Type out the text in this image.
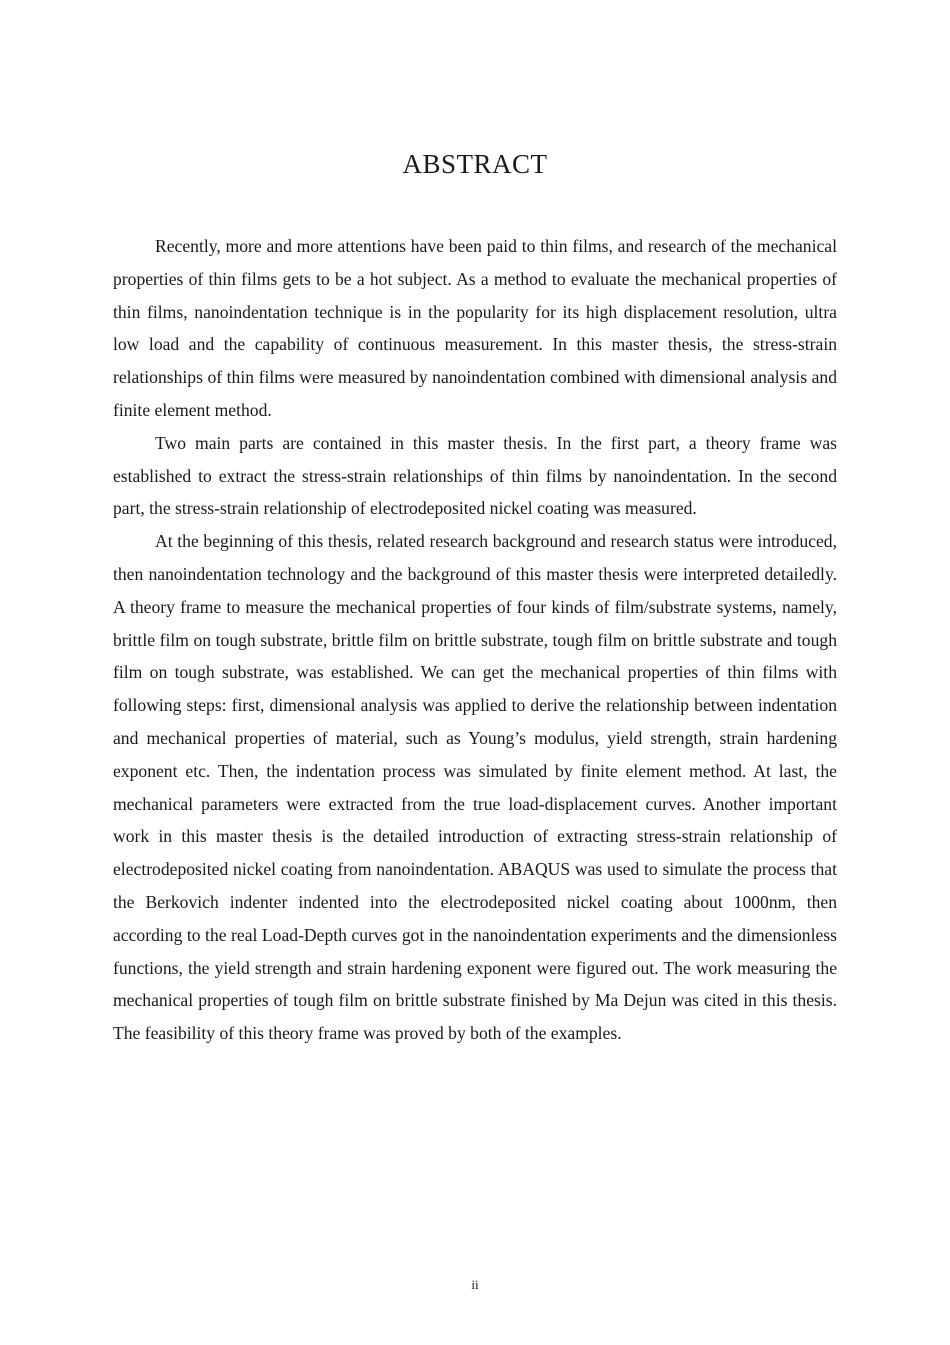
ABSTRACT

Recently, more and more attentions have been paid to thin films, and research of the mechanical properties of thin films gets to be a hot subject. As a method to evaluate the mechanical properties of thin films, nanoindentation technique is in the popularity for its high displacement resolution, ultra low load and the capability of continuous measurement. In this master thesis, the stress-strain relationships of thin films were measured by nanoindentation combined with dimensional analysis and finite element method.

Two main parts are contained in this master thesis. In the first part, a theory frame was established to extract the stress-strain relationships of thin films by nanoindentation. In the second part, the stress-strain relationship of electrodeposited nickel coating was measured.

At the beginning of this thesis, related research background and research status were introduced, then nanoindentation technology and the background of this master thesis were interpreted detailedly. A theory frame to measure the mechanical properties of four kinds of film/substrate systems, namely, brittle film on tough substrate, brittle film on brittle substrate, tough film on brittle substrate and tough film on tough substrate, was established. We can get the mechanical properties of thin films with following steps: first, dimensional analysis was applied to derive the relationship between indentation and mechanical properties of material, such as Young’s modulus, yield strength, strain hardening exponent etc. Then, the indentation process was simulated by finite element method. At last, the mechanical parameters were extracted from the true load-displacement curves. Another important work in this master thesis is the detailed introduction of extracting stress-strain relationship of electrodeposited nickel coating from nanoindentation. ABAQUS was used to simulate the process that the Berkovich indenter indented into the electrodeposited nickel coating about 1000nm, then according to the real Load-Depth curves got in the nanoindentation experiments and the dimensionless functions, the yield strength and strain hardening exponent were figured out. The work measuring the mechanical properties of tough film on brittle substrate finished by Ma Dejun was cited in this thesis. The feasibility of this theory frame was proved by both of the examples.

ii
